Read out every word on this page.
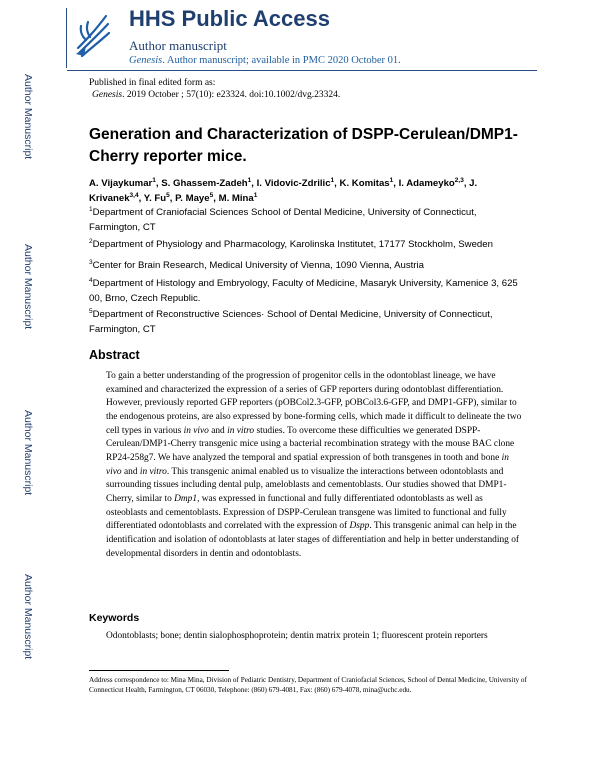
Author Manuscript
Author Manuscript
Author Manuscript
Author Manuscript
HHS Public Access
Author manuscript
Genesis. Author manuscript; available in PMC 2020 October 01.
Published in final edited form as:
Genesis. 2019 October ; 57(10): e23324. doi:10.1002/dvg.23324.
Generation and Characterization of DSPP-Cerulean/DMP1-Cherry reporter mice.
A. Vijaykumar$^1$, S. Ghassem-Zadeh$^1$, I. Vidovic-Zdrilic$^1$, K. Komitas$^1$, I. Adameyko$^{2,3}$, J. Krivanek$^{3,4}$, Y. Fu$^5$, P. Maye$^5$, M. Mina$^1$
$^1$Department of Craniofacial Sciences School of Dental Medicine, University of Connecticut, Farmington, CT
$^2$Department of Physiology and Pharmacology, Karolinska Institutet, 17177 Stockholm, Sweden
$^3$Center for Brain Research, Medical University of Vienna, 1090 Vienna, Austria
$^4$Department of Histology and Embryology, Faculty of Medicine, Masaryk University, Kamenice 3, 625 00, Brno, Czech Republic.
$^5$Department of Reconstructive Sciences· School of Dental Medicine, University of Connecticut, Farmington, CT
Abstract
To gain a better understanding of the progression of progenitor cells in the odontoblast lineage, we have examined and characterized the expression of a series of GFP reporters during odontoblast differentiation. However, previously reported GFP reporters (pOBCol2.3-GFP, pOBCol3.6-GFP, and DMP1-GFP), similar to the endogenous proteins, are also expressed by bone-forming cells, which made it difficult to delineate the two cell types in various in vivo and in vitro studies. To overcome these difficulties we generated DSPP-Cerulean/DMP1-Cherry transgenic mice using a bacterial recombination strategy with the mouse BAC clone RP24-258g7. We have analyzed the temporal and spatial expression of both transgenes in tooth and bone in vivo and in vitro. This transgenic animal enabled us to visualize the interactions between odontoblasts and surrounding tissues including dental pulp, ameloblasts and cementoblasts. Our studies showed that DMP1-Cherry, similar to Dmp1, was expressed in functional and fully differentiated odontoblasts as well as osteoblasts and cementoblasts. Expression of DSPP-Cerulean transgene was limited to functional and fully differentiated odontoblasts and correlated with the expression of Dspp. This transgenic animal can help in the identification and isolation of odontoblasts at later stages of differentiation and help in better understanding of developmental disorders in dentin and odontoblasts.
Keywords
Odontoblasts; bone; dentin sialophosphoprotein; dentin matrix protein 1; fluorescent protein reporters
Address correspondence to: Mina Mina, Division of Pediatric Dentistry, Department of Craniofacial Sciences, School of Dental Medicine, University of Connecticut Health, Farmington, CT 06030, Telephone: (860) 679-4081, Fax: (860) 679-4078, mina@uchc.edu.
